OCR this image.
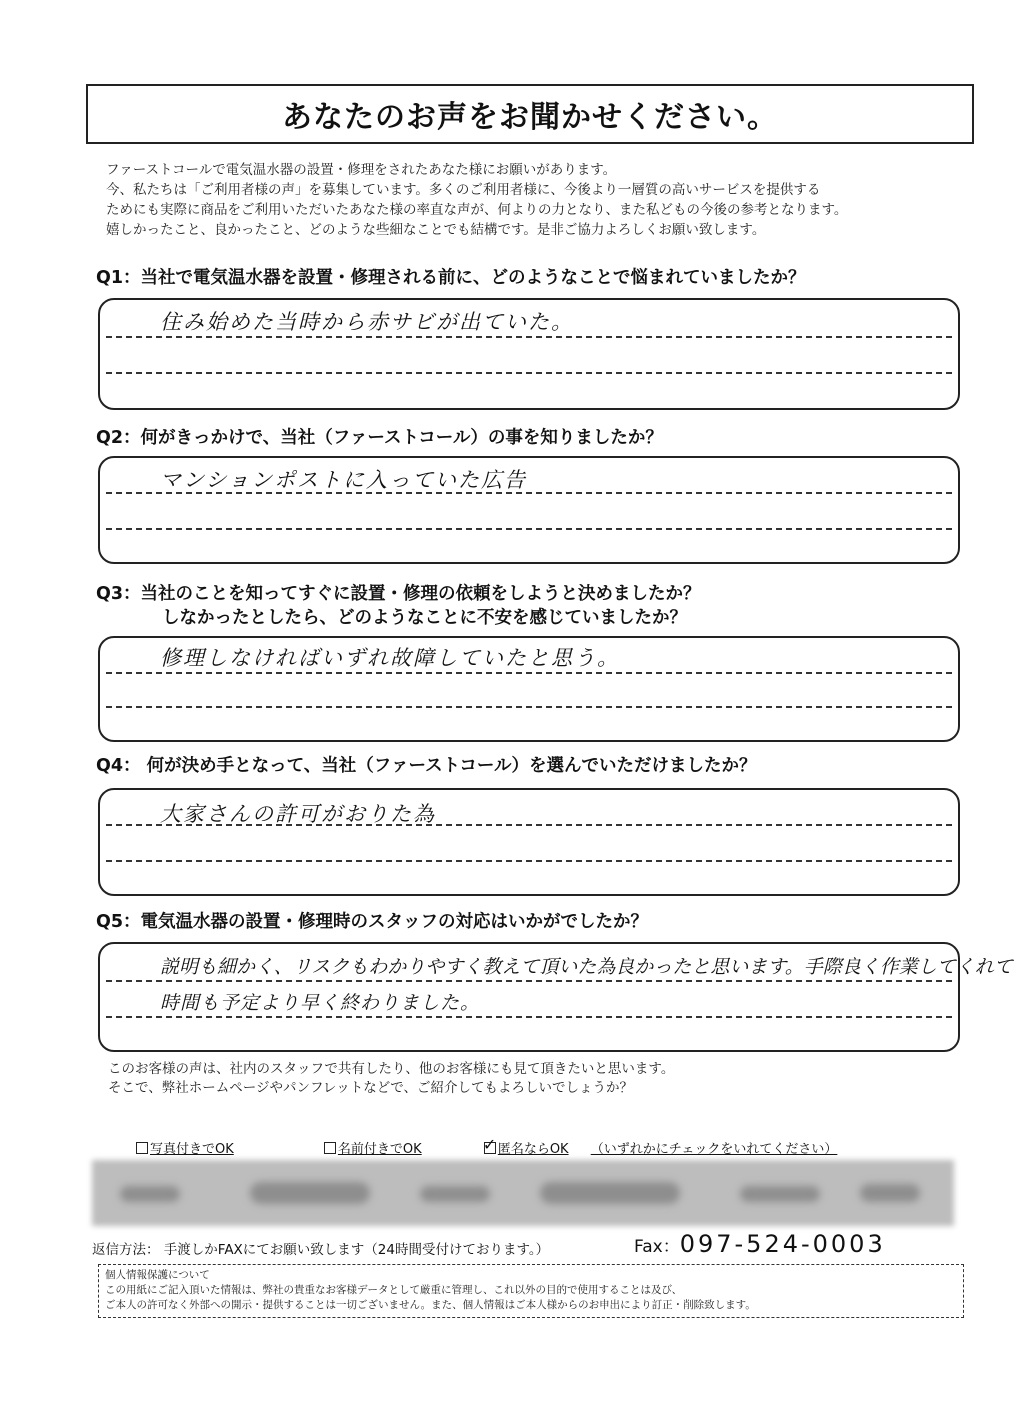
あなたのお声をお聞かせください。
ファーストコールで電気温水器の設置・修理をされたあなた様にお願いがあります。
今、私たちは「ご利用者様の声」を募集しています。多くのご利用者様に、今後より一層質の高いサービスを提供する
ためにも実際に商品をご利用いただいたあなた様の率直な声が、何よりの力となり、また私どもの今後の参考となります。
嬉しかったこと、良かったこと、どのような些細なことでも結構です。是非ご協力よろしくお願い致します。
Q1：当社で電気温水器を設置・修理される前に、どのようなことで悩まれていましたか？
住み始めた当時から赤サビが出ていた。
Q2：何がきっかけで、当社（ファーストコール）の事を知りましたか？
マンションポストに入っていた広告
Q3：当社のことを知ってすぐに設置・修理の依頼をしようと決めましたか？
しなかったとしたら、どのようなことに不安を感じていましたか？
修理しなければいずれ故障していたと思う。
Q4： 何が決め手となって、当社（ファーストコール）を選んでいただけましたか？
大家さんの許可がおりた為
Q5：電気温水器の設置・修理時のスタッフの対応はいかがでしたか？
説明も細かく、リスクもわかりやすく教えて頂いた為良かったと思います。手際良く作業してくれて
時間も予定より早く終わりました。
このお客様の声は、社内のスタッフで共有したり、他のお客様にも見て頂きたいと思います。
そこで、弊社ホームページやパンフレットなどで、ご紹介してもよろしいでしょうか？
写真付きでOK	名前付きでOK ✓	匿名ならOK （いずれかにチェックをいれてください）
返信方法： 手渡しかFAXにてお願い致します（24時間受付けております。）	Fax：097-524-0003
個人情報保護について
この用紙にご記入頂いた情報は、弊社の貴重なお客様データとして厳重に管理し、これ以外の目的で使用することは及び、
ご本人の許可なく外部への開示・提供することは一切ございません。また、個人情報はご本人様からのお申出により訂正・削除致します。
